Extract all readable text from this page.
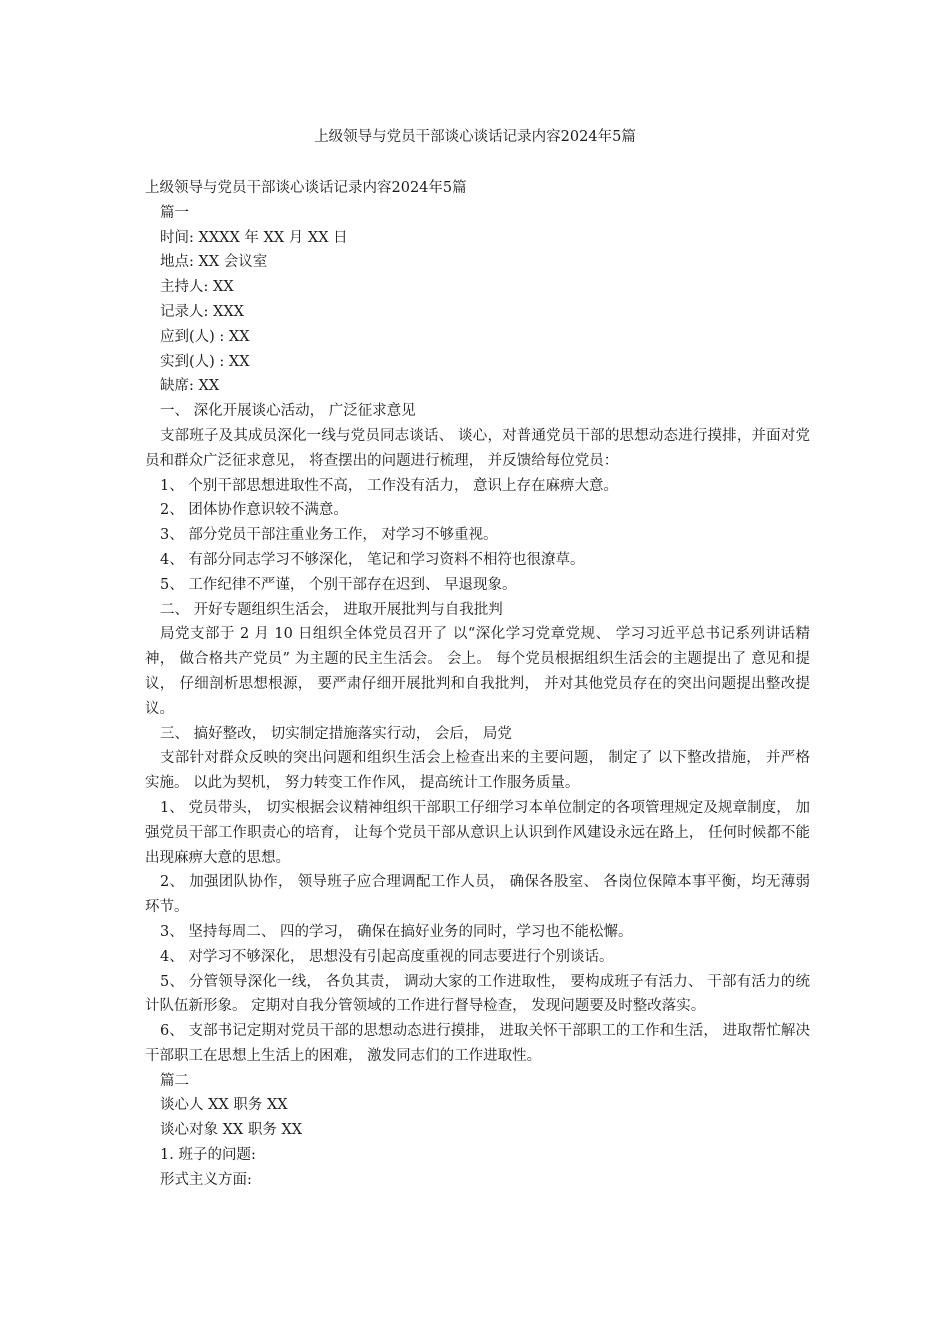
上级领导与党员干部谈心谈话记录内容2024年5篇

上级领导与党员干部谈心谈话记录内容2024年5篇

篇一

时间: XXXX 年 XX 月 XX 日

地点: XX 会议室

主持人: XX

记录人: XXX

应到(人) : XX

实到(人) : XX

缺席: XX

一、 深化开展谈心活动， 广泛征求意见

支部班子及其成员深化一线与党员同志谈话、 谈心，对普通党员干部的思想动态进行摸排，并面对党员和群众广泛征求意见， 将查摆出的问题进行梳理， 并反馈给每位党员：

1、 个别干部思想进取性不高， 工作没有活力， 意识上存在麻痹大意。

2、 团体协作意识较不满意。

3、 部分党员干部注重业务工作， 对学习不够重视。

4、 有部分同志学习不够深化， 笔记和学习资料不相符也很潦草。

5、 工作纪律不严谨， 个别干部存在迟到、 早退现象。

二、 开好专题组织生活会， 进取开展批判与自我批判

局党支部于 2 月 10 日组织全体党员召开了 以“深化学习党章党规、 学习习近平总书记系列讲话精神， 做合格共产党员” 为主题的民主生活会。 会上。 每个党员根据组织生活会的主题提出了 意见和提议， 仔细剖析思想根源， 要严肃仔细开展批判和自我批判， 并对其他党员存在的突出问题提出整改提议。

三、 搞好整改， 切实制定措施落实行动， 会后， 局党

支部针对群众反映的突出问题和组织生活会上检查出来的主要问题， 制定了 以下整改措施， 并严格实施。 以此为契机， 努力转变工作作风， 提高统计工作服务质量。

1、 党员带头， 切实根据会议精神组织干部职工仔细学习本单位制定的各项管理规定及规章制度， 加强党员干部工作职责心的培育， 让每个党员干部从意识上认识到作风建设永远在路上， 任何时候都不能出现麻痹大意的思想。

2、 加强团队协作， 领导班子应合理调配工作人员， 确保各股室、 各岗位保障本事平衡，均无薄弱环节。

3、 坚持每周二、 四的学习， 确保在搞好业务的同时，学习也不能松懈。

4、 对学习不够深化， 思想没有引起高度重视的同志要进行个别谈话。

5、 分管领导深化一线， 各负其责， 调动大家的工作进取性， 要构成班子有活力、 干部有活力的统计队伍新形象。 定期对自我分管领域的工作进行督导检查， 发现问题要及时整改落实。

6、 支部书记定期对党员干部的思想动态进行摸排， 进取关怀干部职工的工作和生活， 进取帮忙解决干部职工在思想上生活上的困难， 激发同志们的工作进取性。

篇二

谈心人 XX 职务 XX

谈心对象 XX 职务 XX

1. 班子的问题:

形式主义方面:
